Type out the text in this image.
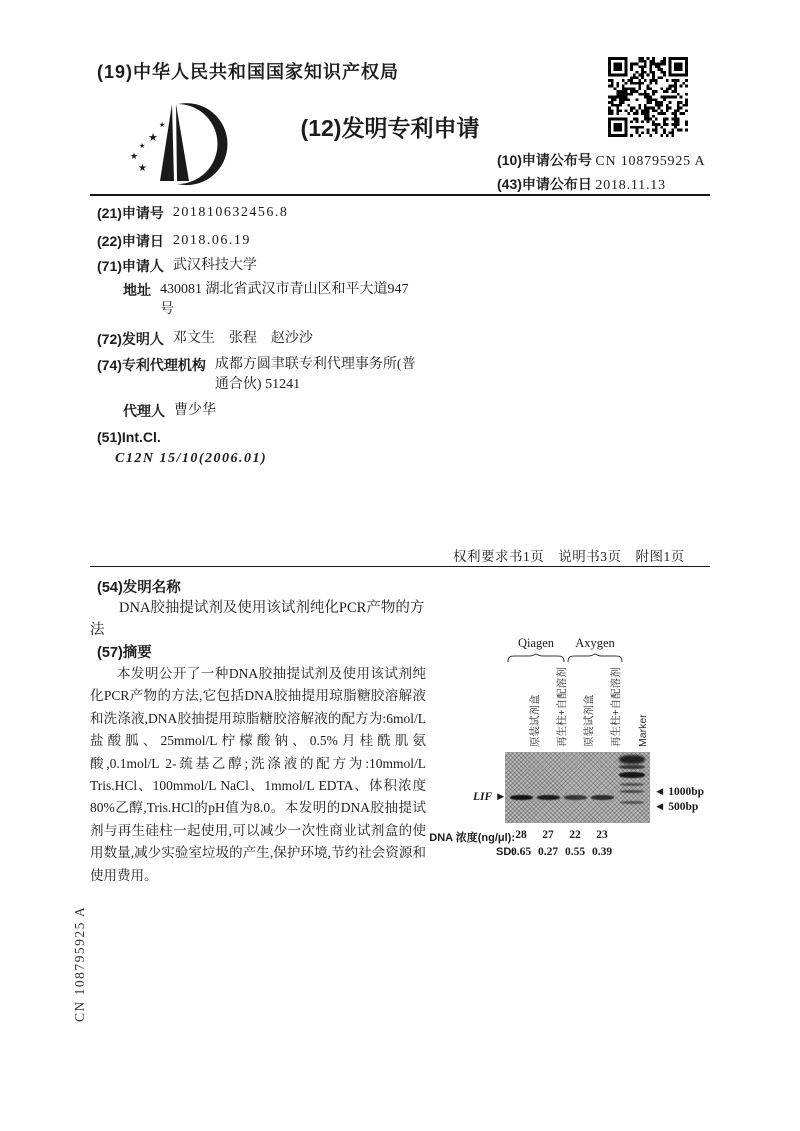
(19)中华人民共和国国家知识产权局
★
★
★
★
★
(12)发明专利申请
(10)申请公布号 CN 108795925 A
(43)申请公布日 2018.11.13
(21)申请号 201810632456.8
(22)申请日 2018.06.19
(71)申请人 武汉科技大学
地址 430081 湖北省武汉市青山区和平大道947号
(72)发明人 邓文生　张程　赵沙沙
(74)专利代理机构 成都方圆聿联专利代理事务所(普通合伙) 51241
代理人 曹少华
(51)Int.Cl.
C12N 15/10(2006.01)
权利要求书1页　说明书3页　附图1页
(54)发明名称
DNA胶抽提试剂及使用该试剂纯化PCR产物的方法
(57)摘要
本发明公开了一种DNA胶抽提试剂及使用该试剂纯化PCR产物的方法,它包括DNA胶抽提用琼脂糖胶溶解液和洗涤液,DNA胶抽提用琼脂糖胶溶解液的配方为:6mol/L盐酸胍、25mmol/L柠檬酸钠、0.5%月桂酰肌氨酸,0.1mol/L 2-巯基乙醇;洗涤液的配方为:10mmol/L Tris.HCl、100mmol/L NaCl、1mmol/L EDTA、体积浓度80%乙醇,Tris.HCl的pH值为8.0。本发明的DNA胶抽提试剂与再生硅柱一起使用,可以减少一次性商业试剂盒的使用数量,减少实验室垃圾的产生,保护环境,节约社会资源和使用费用。
Qiagen	Axygen
原装试剂盒 再生柱+自配溶剂 原装试剂盒 再生柱+自配溶剂 Marker
LIF ►	◄ 1000bp
◄ 500bp
DNA 浓度(ng/μl): 28	27	22	23
SD:
0.65 0.27 0.55 0.39
CN 108795925 A
